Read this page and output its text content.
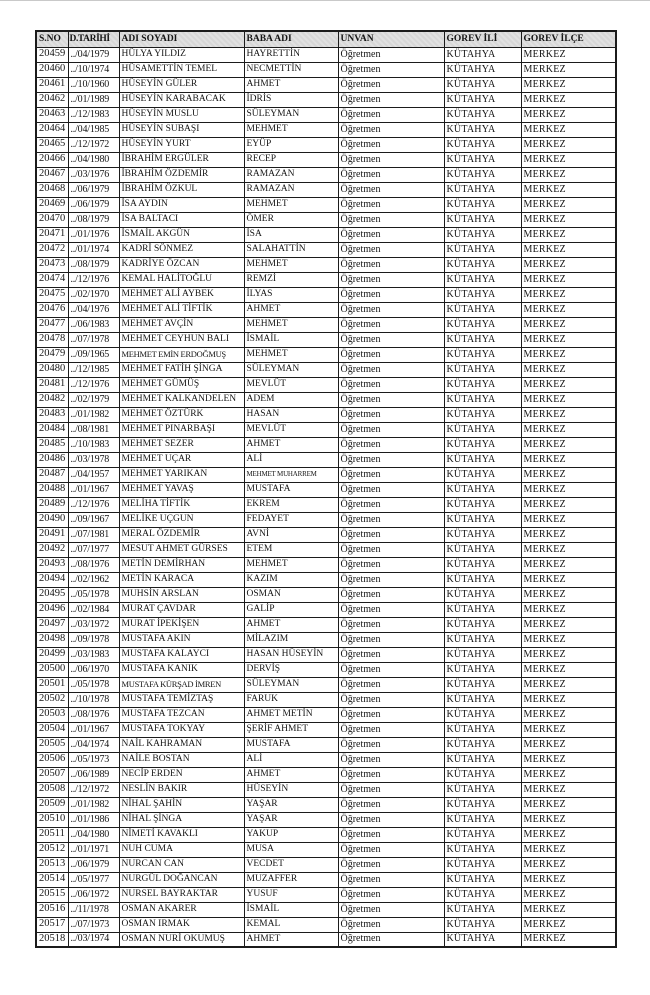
S.NO	D.TARİHİ	ADI SOYADI	BABA ADI	UNVAN	GOREV İLİ	GOREV İLÇE
20459	../04/1979	HÜLYA YILDIZ	HAYRETTİN	Öğretmen	KÜTAHYA	MERKEZ
20460	../10/1974	HÜSAMETTİN TEMEL	NECMETTİN	Öğretmen	KÜTAHYA	MERKEZ
20461	../10/1960	HÜSEYİN GÜLER	AHMET	Öğretmen	KÜTAHYA	MERKEZ
20462	../01/1989	HÜSEYİN KARABACAK	İDRİS	Öğretmen	KÜTAHYA	MERKEZ
20463	../12/1983	HÜSEYİN MUSLU	SÜLEYMAN	Öğretmen	KÜTAHYA	MERKEZ
20464	../04/1985	HÜSEYİN SUBAŞI	MEHMET	Öğretmen	KÜTAHYA	MERKEZ
20465	../12/1972	HÜSEYİN YURT	EYÜP	Öğretmen	KÜTAHYA	MERKEZ
20466	../04/1980	İBRAHİM ERGÜLER	RECEP	Öğretmen	KÜTAHYA	MERKEZ
20467	../03/1976	İBRAHİM ÖZDEMİR	RAMAZAN	Öğretmen	KÜTAHYA	MERKEZ
20468	../06/1979	İBRAHİM ÖZKUL	RAMAZAN	Öğretmen	KÜTAHYA	MERKEZ
20469	../06/1979	İSA AYDIN	MEHMET	Öğretmen	KÜTAHYA	MERKEZ
20470	../08/1979	İSA BALTACI	ÖMER	Öğretmen	KÜTAHYA	MERKEZ
20471	../01/1976	İSMAİL AKGÜN	İSA	Öğretmen	KÜTAHYA	MERKEZ
20472	../01/1974	KADRİ SÖNMEZ	SALAHATTİN	Öğretmen	KÜTAHYA	MERKEZ
20473	../08/1979	KADRİYE ÖZCAN	MEHMET	Öğretmen	KÜTAHYA	MERKEZ
20474	../12/1976	KEMAL HALİTOĞLU	REMZİ	Öğretmen	KÜTAHYA	MERKEZ
20475	../02/1970	MEHMET ALİ AYBEK	İLYAS	Öğretmen	KÜTAHYA	MERKEZ
20476	../04/1976	MEHMET ALİ TİFTİK	AHMET	Öğretmen	KÜTAHYA	MERKEZ
20477	../06/1983	MEHMET AVÇİN	MEHMET	Öğretmen	KÜTAHYA	MERKEZ
20478	../07/1978	MEHMET CEYHUN BALI	İSMAİL	Öğretmen	KÜTAHYA	MERKEZ
20479	../09/1965	MEHMET EMİN ERDOĞMUŞ	MEHMET	Öğretmen	KÜTAHYA	MERKEZ
20480	../12/1985	MEHMET FATİH ŞİNGA	SÜLEYMAN	Öğretmen	KÜTAHYA	MERKEZ
20481	../12/1976	MEHMET GÜMÜŞ	MEVLÜT	Öğretmen	KÜTAHYA	MERKEZ
20482	../02/1979	MEHMET KALKANDELEN	ADEM	Öğretmen	KÜTAHYA	MERKEZ
20483	../01/1982	MEHMET ÖZTÜRK	HASAN	Öğretmen	KÜTAHYA	MERKEZ
20484	../08/1981	MEHMET PINARBAŞI	MEVLÜT	Öğretmen	KÜTAHYA	MERKEZ
20485	../10/1983	MEHMET SEZER	AHMET	Öğretmen	KÜTAHYA	MERKEZ
20486	../03/1978	MEHMET UÇAR	ALİ	Öğretmen	KÜTAHYA	MERKEZ
20487	../04/1957	MEHMET YARIKAN	MEHMET MUHARREM	Öğretmen	KÜTAHYA	MERKEZ
20488	../01/1967	MEHMET YAVAŞ	MUSTAFA	Öğretmen	KÜTAHYA	MERKEZ
20489	../12/1976	MELİHA TİFTİK	EKREM	Öğretmen	KÜTAHYA	MERKEZ
20490	../09/1967	MELİKE UÇGUN	FEDAYET	Öğretmen	KÜTAHYA	MERKEZ
20491	../07/1981	MERAL ÖZDEMİR	AVNİ	Öğretmen	KÜTAHYA	MERKEZ
20492	../07/1977	MESUT AHMET GÜRSES	ETEM	Öğretmen	KÜTAHYA	MERKEZ
20493	../08/1976	METİN DEMİRHAN	MEHMET	Öğretmen	KÜTAHYA	MERKEZ
20494	../02/1962	METİN KARACA	KAZIM	Öğretmen	KÜTAHYA	MERKEZ
20495	../05/1978	MUHSİN ARSLAN	OSMAN	Öğretmen	KÜTAHYA	MERKEZ
20496	../02/1984	MURAT ÇAVDAR	GALİP	Öğretmen	KÜTAHYA	MERKEZ
20497	../03/1972	MURAT İPEKİŞEN	AHMET	Öğretmen	KÜTAHYA	MERKEZ
20498	../09/1978	MUSTAFA AKIN	MİLAZIM	Öğretmen	KÜTAHYA	MERKEZ
20499	../03/1983	MUSTAFA KALAYCI	HASAN HÜSEYİN	Öğretmen	KÜTAHYA	MERKEZ
20500	../06/1970	MUSTAFA KANIK	DERVİŞ	Öğretmen	KÜTAHYA	MERKEZ
20501	../05/1978	MUSTAFA KÜRŞAD İMREN	SÜLEYMAN	Öğretmen	KÜTAHYA	MERKEZ
20502	../10/1978	MUSTAFA TEMİZTAŞ	FARUK	Öğretmen	KÜTAHYA	MERKEZ
20503	../08/1976	MUSTAFA TEZCAN	AHMET METİN	Öğretmen	KÜTAHYA	MERKEZ
20504	../01/1967	MUSTAFA TOKYAY	ŞERİF AHMET	Öğretmen	KÜTAHYA	MERKEZ
20505	../04/1974	NAİL KAHRAMAN	MUSTAFA	Öğretmen	KÜTAHYA	MERKEZ
20506	../05/1973	NAİLE BOSTAN	ALİ	Öğretmen	KÜTAHYA	MERKEZ
20507	../06/1989	NECİP ERDEN	AHMET	Öğretmen	KÜTAHYA	MERKEZ
20508	../12/1972	NESLİN BAKIR	HÜSEYİN	Öğretmen	KÜTAHYA	MERKEZ
20509	../01/1982	NİHAL ŞAHİN	YAŞAR	Öğretmen	KÜTAHYA	MERKEZ
20510	../01/1986	NİHAL ŞİNGA	YAŞAR	Öğretmen	KÜTAHYA	MERKEZ
20511	../04/1980	NİMETİ KAVAKLI	YAKUP	Öğretmen	KÜTAHYA	MERKEZ
20512	../01/1971	NUH CUMA	MUSA	Öğretmen	KÜTAHYA	MERKEZ
20513	../06/1979	NURCAN CAN	VECDET	Öğretmen	KÜTAHYA	MERKEZ
20514	../05/1977	NURGÜL DOĞANCAN	MUZAFFER	Öğretmen	KÜTAHYA	MERKEZ
20515	../06/1972	NURSEL BAYRAKTAR	YUSUF	Öğretmen	KÜTAHYA	MERKEZ
20516	../11/1978	OSMAN AKARER	İSMAİL	Öğretmen	KÜTAHYA	MERKEZ
20517	../07/1973	OSMAN IRMAK	KEMAL	Öğretmen	KÜTAHYA	MERKEZ
20518	../03/1974	OSMAN NURİ OKUMUŞ	AHMET	Öğretmen	KÜTAHYA	MERKEZ
